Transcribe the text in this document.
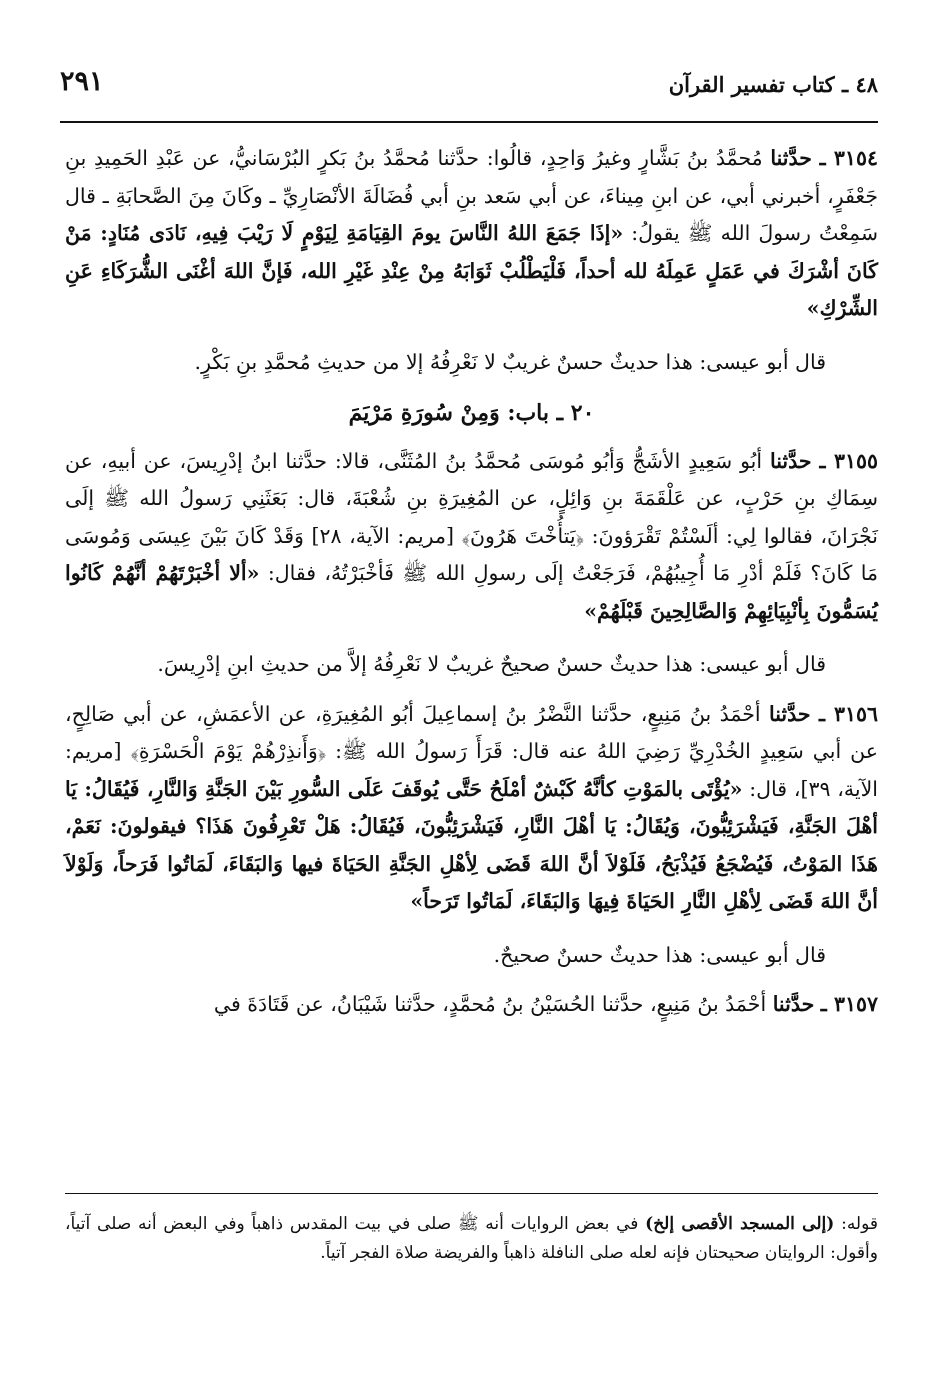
٤٨ ـ كتاب تفسير القرآن
٢٩١

٣١٥٤ ـ حدَّثنا مُحمَّدُ بنُ بَشَّارٍ وغيرُ وَاحِدٍ، قالُوا: حدَّثنا مُحمَّدُ بنُ بَكرٍ البُرْسَانيُّ، عن عَبْدِ الحَمِيدِ بنِ جَعْفَرٍ، أخبرني أبي، عن ابنِ مِيناءَ، عن أبي سَعد بنِ أبي فُضَالَةَ الأنْصَارِيِّ ـ وكَانَ مِنَ الصَّحابَةِ ـ قال سَمِعْتُ رسولَ الله ﷺ يقولُ: «إذَا جَمَعَ اللهُ النَّاسَ يومَ القِيَامَةِ لِيَوْمٍ لَا رَيْبَ فِيهِ، نَادَى مُنَادٍ: مَنْ كَانَ أشْرَكَ في عَمَلٍ عَمِلَهُ لله أحداً، فَلْيَطْلُبْ ثَوَابَهُ مِنْ عِنْدِ غَيْرِ الله، فَإنَّ اللهَ أغْنَى الشُّرَكَاءِ عَنِ الشِّرْكِ»

قال أبو عيسى: هذا حديثٌ حسنٌ غريبٌ لا نَعْرِفُهُ إلا من حديثِ مُحمَّدِ بنِ بَكْرٍ.

٢٠ ـ باب: وَمِنْ سُورَةِ مَرْيَمَ

٣١٥٥ ـ حدَّثنا أبُو سَعِيدٍ الأشَجُّ وَأبُو مُوسَى مُحمَّدُ بنُ المُثَنَّى، قالا: حدَّثنا ابنُ إدْرِيسَ، عن أبيهِ، عن سِمَاكِ بنِ حَرْبٍ، عن عَلْقَمَةَ بنِ وَائِلٍ، عن المُغِيرَةِ بنِ شُعْبَةَ، قال: بَعَثَنِي رَسولُ الله ﷺ إلَى نَجْرَانَ، فقالوا لِي: ألَسْتُمْ تَقْرَؤونَ: ﴿يَتأُخْتَ هَرُونَ﴾ [مريم: الآية، ٢٨] وَقَدْ كَانَ بَيْنَ عِيسَى وَمُوسَى مَا كَانَ؟ فَلَمْ أدْرِ مَا أُجِيبُهُمْ، فَرَجَعْتُ إلَى رسولِ الله ﷺ فَأخْبَرْتُهُ، فقال: «ألا أخْبَرْتَهُمْ أنَّهُمْ كَانُوا يُسَمُّونَ بِأنْبِيَائِهِمْ وَالصَّالِحِينَ قَبْلَهُمْ»

قال أبو عيسى: هذا حديثٌ حسنٌ صحيحٌ غريبٌ لا نَعْرِفُهُ إلاَّ من حديثِ ابنِ إدْرِيسَ.

٣١٥٦ ـ حدَّثنا أحْمَدُ بنُ مَنِيعٍ، حدَّثنا النَّضْرُ بنُ إسماعِيلَ أبُو المُغِيرَةِ، عن الأعمَشِ، عن أبي صَالِحٍ، عن أبي سَعِيدٍ الخُدْرِيِّ رَضِيَ اللهُ عنه قال: قَرَأَ رَسولُ الله ﷺ: ﴿وَأَنذِرْهُمْ يَوْمَ الْحَسْرَةِ﴾ [مريم: الآية، ٣٩]، قال: «يُؤْتَى بالمَوْتِ كأنَّهُ كَبْشٌ أمْلَحُ حَتَّى يُوقَفَ عَلَى السُّورِ بَيْنَ الجَنَّةِ وَالنَّارِ، فَيُقَالُ: يَا أهْلَ الجَنَّةِ، فَيَشْرَئِبُّونَ، وَيُقَالُ: يَا أهْلَ النَّارِ، فَيَشْرَئِبُّونَ، فَيُقَالُ: هَلْ تَعْرِفُونَ هَذَا؟ فيقولونَ: نَعَمْ، هَذَا المَوْتُ، فَيُضْجَعُ فَيُذْبَحُ، فَلَوْلاَ أنَّ اللهَ قَضَى لِأهْلِ الجَنَّةِ الحَيَاةَ فيها وَالبَقَاءَ، لَمَاتُوا فَرَحاً، وَلَوْلاَ أنَّ اللهَ قَضَى لِأهْلِ النَّارِ الحَيَاةَ فِيهَا وَالبَقَاءَ، لَمَاتُوا تَرَحاً»

قال أبو عيسى: هذا حديثٌ حسنٌ صحيحٌ.

٣١٥٧ ـ حدَّثنا أحْمَدُ بنُ مَنِيعٍ، حدَّثنا الحُسَيْنُ بنُ مُحمَّدٍ، حدَّثنا شَيْبَانُ، عن قَتَادَةَ في

قوله: (إلى المسجد الأقصى إلخ) في بعض الروايات أنه ﷺ صلى في بيت المقدس ذاهباً وفي البعض أنه صلى آتياً، وأقول: الروايتان صحيحتان فإنه لعله صلى النافلة ذاهباً والفريضة صلاة الفجر آتياً.
